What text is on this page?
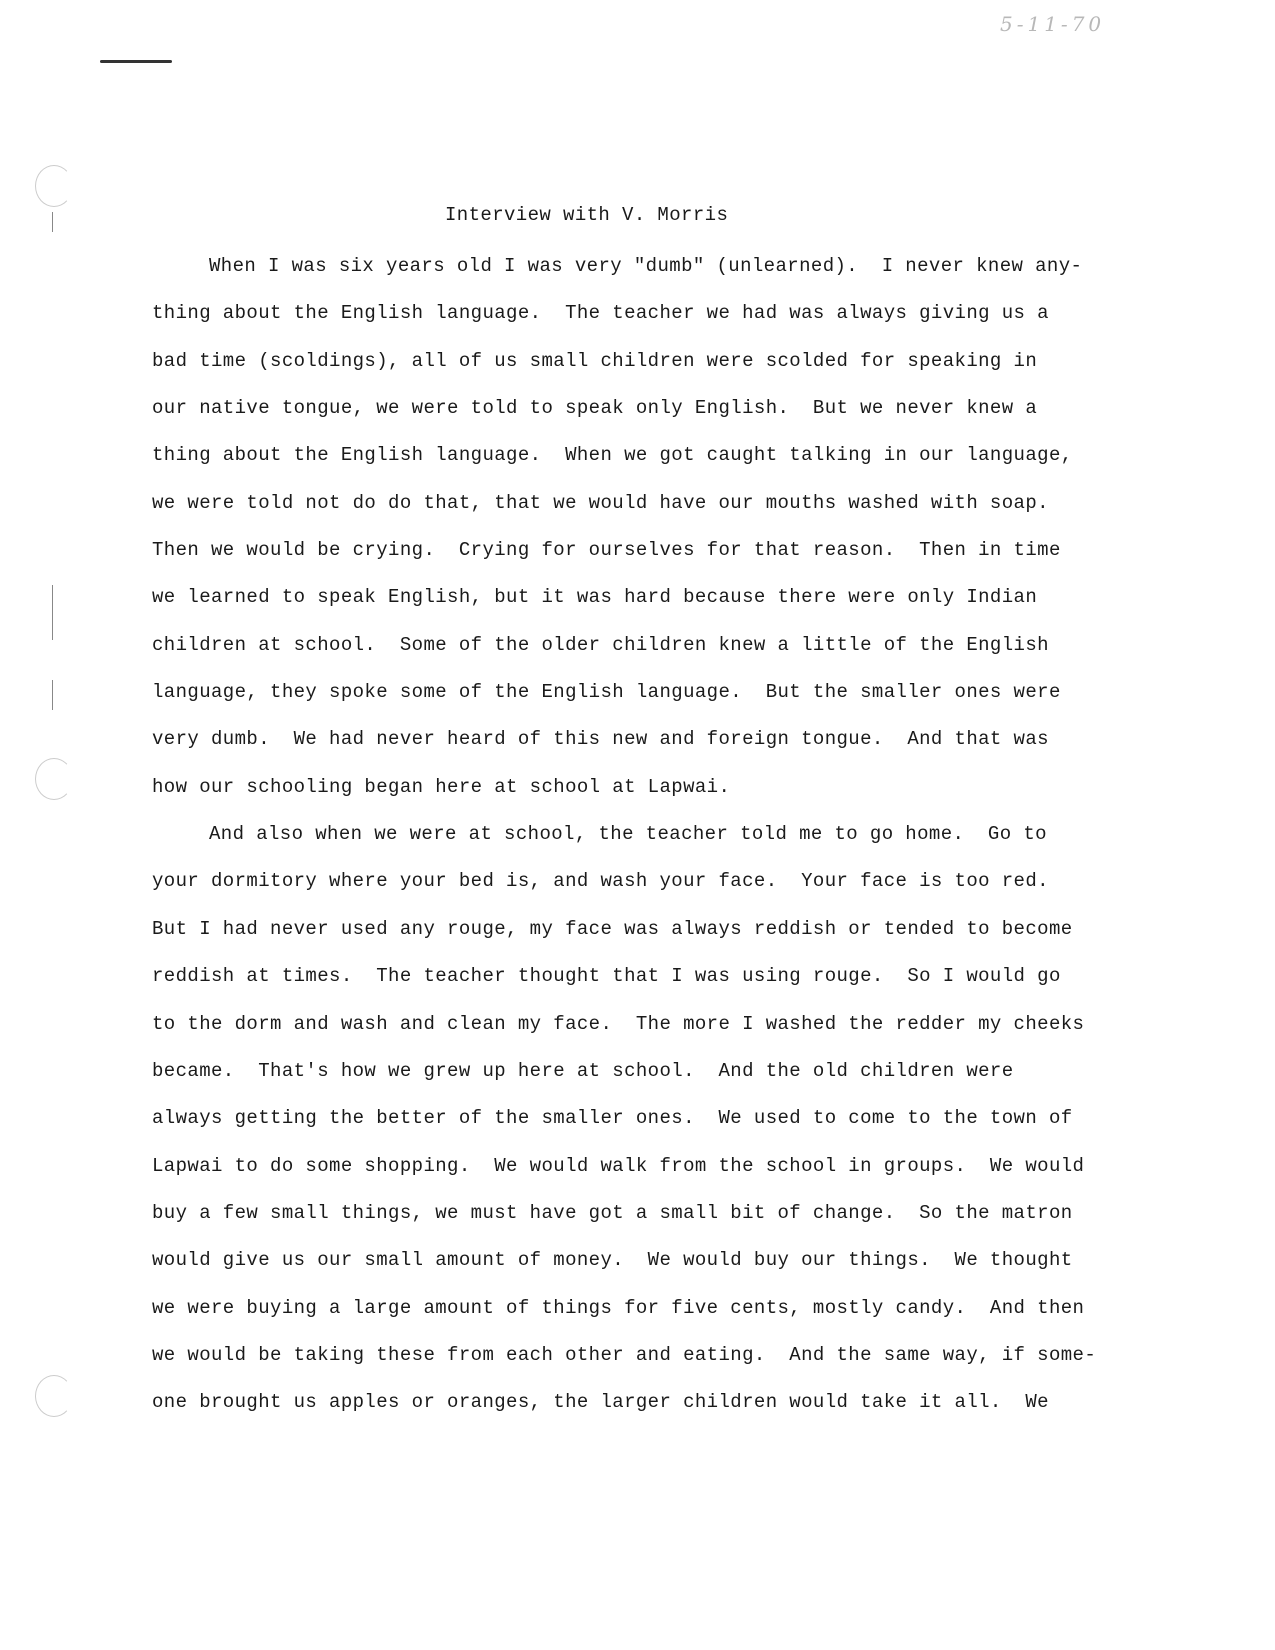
5-11-70
Interview with V. Morris
When I was six years old I was very "dumb" (unlearned).  I never knew any-
thing about the English language.  The teacher we had was always giving us a
bad time (scoldings), all of us small children were scolded for speaking in
our native tongue, we were told to speak only English.  But we never knew a
thing about the English language.  When we got caught talking in our language,
we were told not do do that, that we would have our mouths washed with soap.
Then we would be crying.  Crying for ourselves for that reason.  Then in time
we learned to speak English, but it was hard because there were only Indian
children at school.  Some of the older children knew a little of the English
language, they spoke some of the English language.  But the smaller ones were
very dumb.  We had never heard of this new and foreign tongue.  And that was
how our schooling began here at school at Lapwai.
And also when we were at school, the teacher told me to go home.  Go to
your dormitory where your bed is, and wash your face.  Your face is too red.
But I had never used any rouge, my face was always reddish or tended to become
reddish at times.  The teacher thought that I was using rouge.  So I would go
to the dorm and wash and clean my face.  The more I washed the redder my cheeks
became.  That's how we grew up here at school.  And the old children were
always getting the better of the smaller ones.  We used to come to the town of
Lapwai to do some shopping.  We would walk from the school in groups.  We would
buy a few small things, we must have got a small bit of change.  So the matron
would give us our small amount of money.  We would buy our things.  We thought
we were buying a large amount of things for five cents, mostly candy.  And then
we would be taking these from each other and eating.  And the same way, if some-
one brought us apples or oranges, the larger children would take it all.  We
